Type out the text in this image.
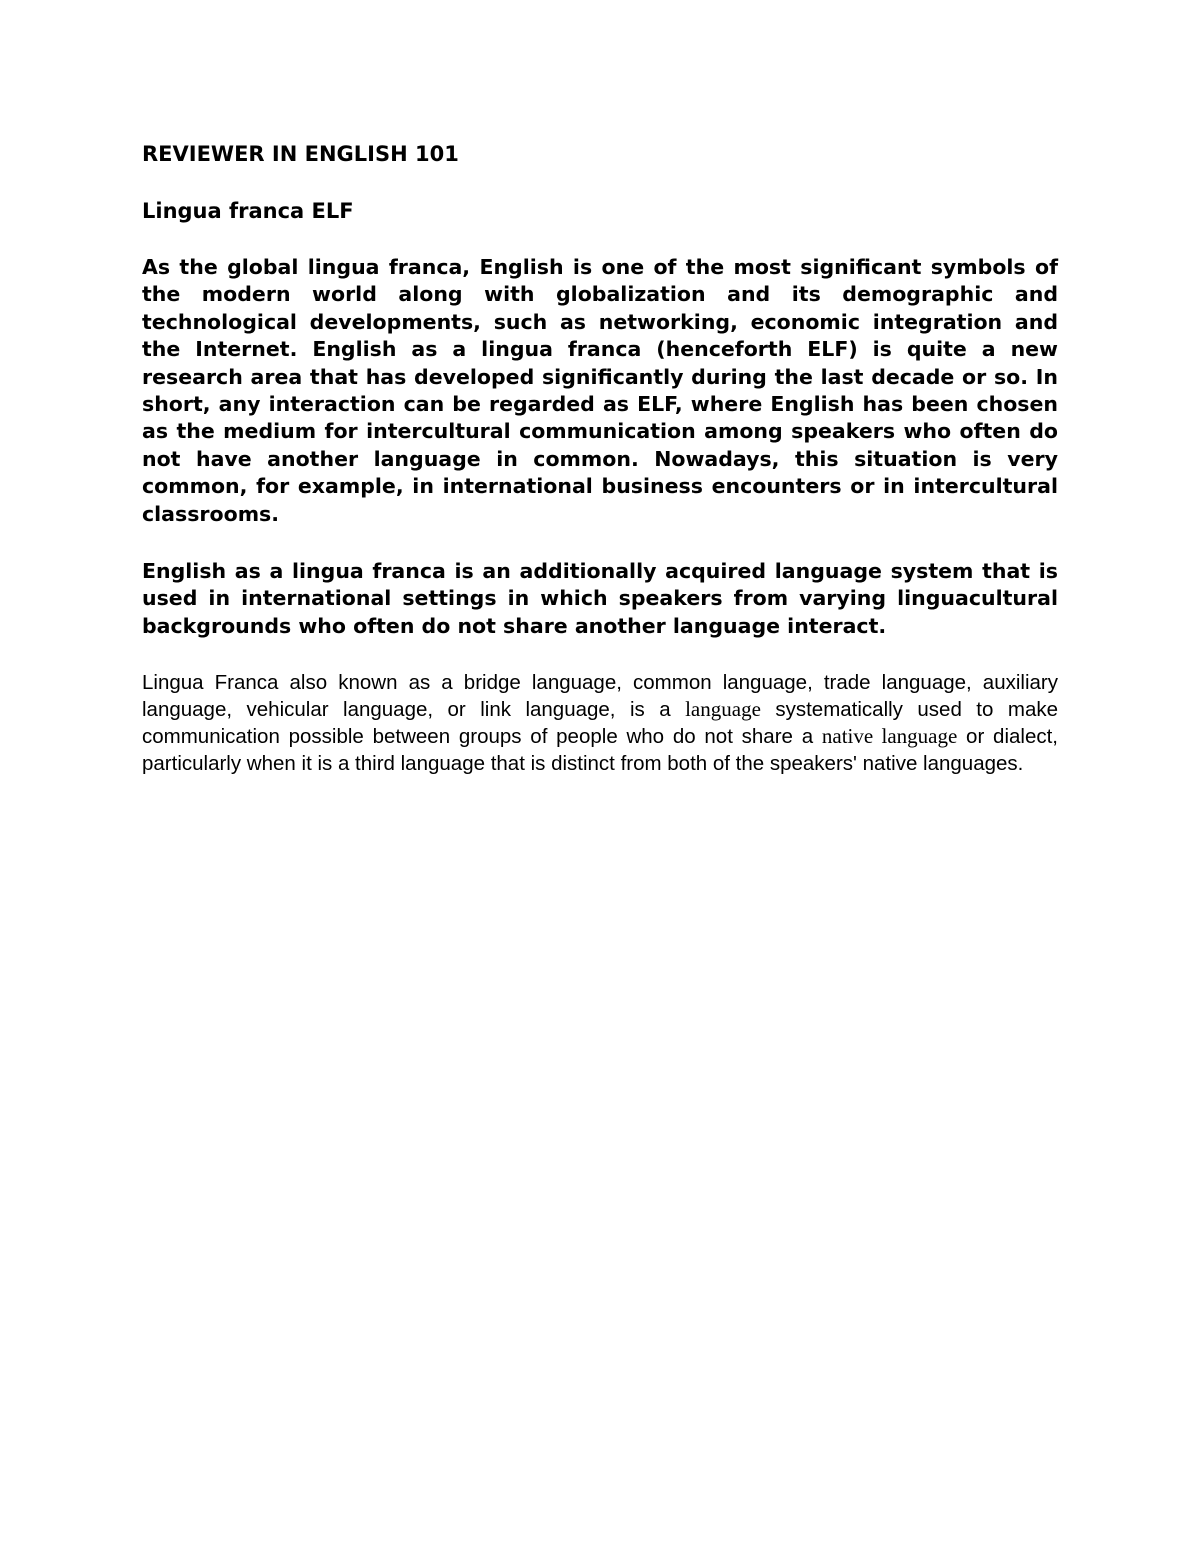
REVIEWER IN ENGLISH 101
Lingua franca ELF

As the global lingua franca, English is one of the most significant symbols of the modern world along with globalization and its demographic and technological developments, such as networking, economic integration and the Internet. English as a lingua franca (henceforth ELF) is quite a new research area that has developed significantly during the last decade or so. In short, any interaction can be regarded as ELF, where English has been chosen as the medium for intercultural communication among speakers who often do not have another language in common. Nowadays, this situation is very common, for example, in international business encounters or in intercultural classrooms.

English as a lingua franca is an additionally acquired language system that is used in international settings in which speakers from varying linguacultural backgrounds who often do not share another language interact.

Lingua Franca also known as a bridge language, common language, trade language, auxiliary language, vehicular language, or link language, is a language systematically used to make communication possible between groups of people who do not share a native language or dialect, particularly when it is a third language that is distinct from both of the speakers' native languages.
